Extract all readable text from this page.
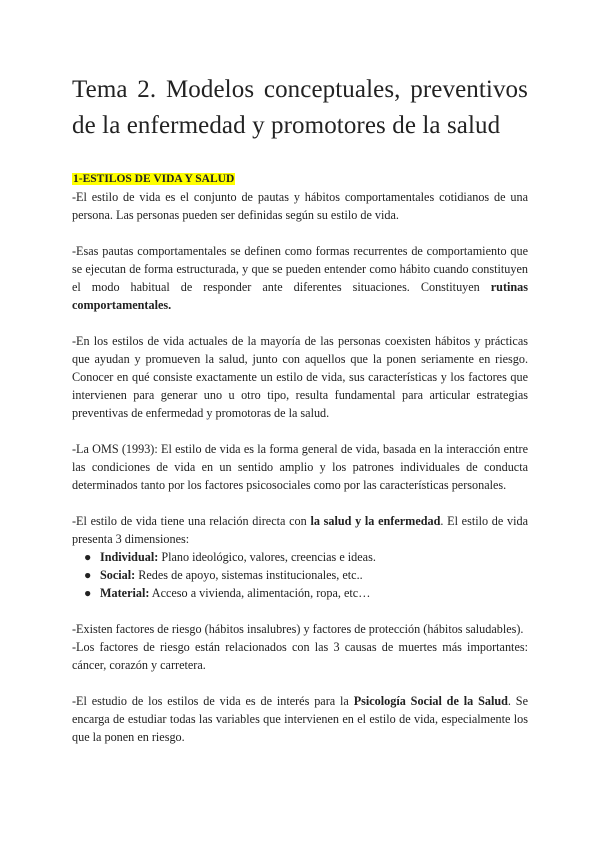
Tema 2. Modelos conceptuales, preventivos de la enfermedad y promotores de la salud
1-ESTILOS DE VIDA Y SALUD

-El estilo de vida es el conjunto de pautas y hábitos comportamentales cotidianos de una persona. Las personas pueden ser definidas según su estilo de vida.

-Esas pautas comportamentales se definen como formas recurrentes de comportamiento que se ejecutan de forma estructurada, y que se pueden entender como hábito cuando constituyen el modo habitual de responder ante diferentes situaciones. Constituyen rutinas comportamentales.

-En los estilos de vida actuales de la mayoría de las personas coexisten hábitos y prácticas que ayudan y promueven la salud, junto con aquellos que la ponen seriamente en riesgo. Conocer en qué consiste exactamente un estilo de vida, sus características y los factores que intervienen para generar uno u otro tipo, resulta fundamental para articular estrategias preventivas de enfermedad y promotoras de la salud.

-La OMS (1993): El estilo de vida es la forma general de vida, basada en la interacción entre las condiciones de vida en un sentido amplio y los patrones individuales de conducta determinados tanto por los factores psicosociales como por las características personales.

-El estilo de vida tiene una relación directa con la salud y la enfermedad. El estilo de vida presenta 3 dimensiones:

● Individual: Plano ideológico, valores, creencias e ideas.
● Social: Redes de apoyo, sistemas institucionales, etc..
● Material: Acceso a vivienda, alimentación, ropa, etc…

-Existen factores de riesgo (hábitos insalubres) y factores de protección (hábitos saludables).

-Los factores de riesgo están relacionados con las 3 causas de muertes más importantes: cáncer, corazón y carretera.

-El estudio de los estilos de vida es de interés para la Psicología Social de la Salud. Se encarga de estudiar todas las variables que intervienen en el estilo de vida, especialmente los que la ponen en riesgo.
